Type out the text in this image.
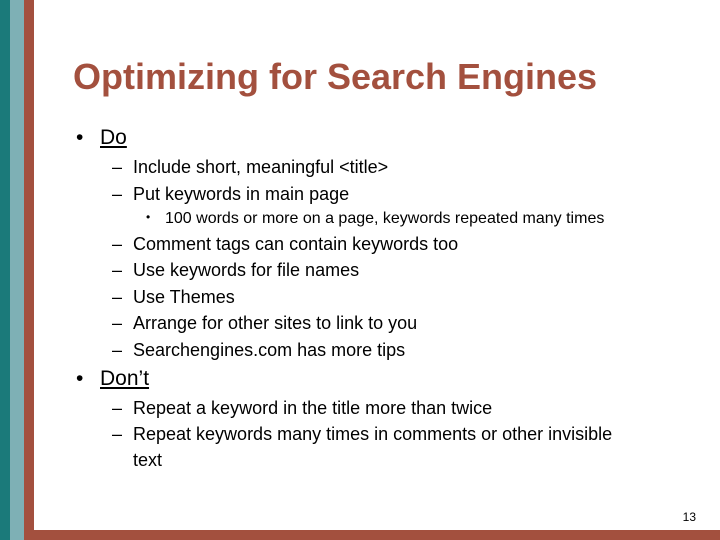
Optimizing for Search Engines
• Do
– Include short, meaningful <title>
– Put keywords in main page
• 100 words or more on a page, keywords repeated many times
– Comment tags can contain keywords too
– Use keywords for file names
– Use Themes
– Arrange for other sites to link to you
– Searchengines.com has more tips
• Don’t
– Repeat a keyword in the title more than twice
– Repeat keywords many times in comments or other invisible
text
13
